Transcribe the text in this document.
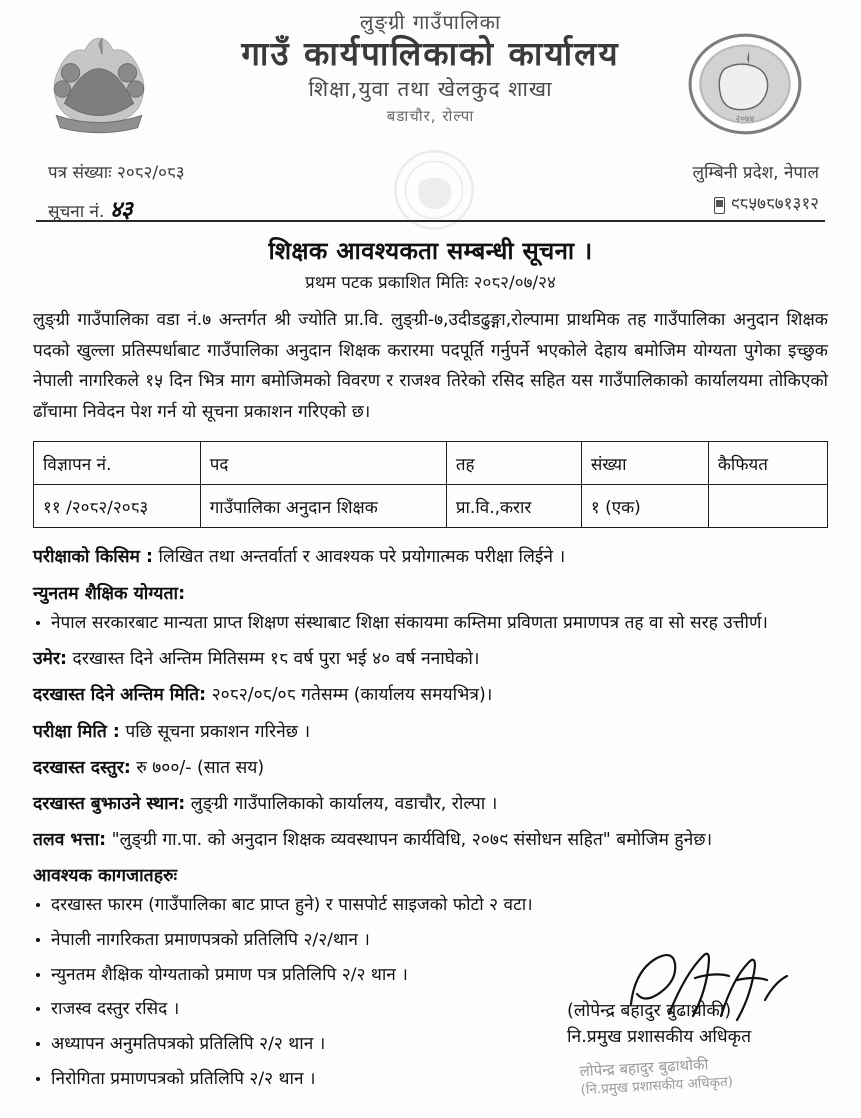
लुङ्ग्री गाउँपालिका
गाउँ कार्यपालिकाको कार्यालय
शिक्षा,युवा तथा खेलकुद शाखा
बडाचौर, रोल्पा	२०७४
पत्र संख्याः २०८२/०८३
सूचना नं. ४३
लुम्बिनी प्रदेश, नेपाल
९८५७८७१३१२
शिक्षक आवश्यकता सम्बन्धी सूचना ।
प्रथम पटक प्रकाशित मितिः २०८२/०७/२४
लुङ्ग्री गाउँपालिका वडा नं.७ अन्तर्गत श्री ज्योति प्रा.वि. लुङ्ग्री-७,उदीडढुङ्गा,रोल्पामा प्राथमिक तह गाउँपालिका अनुदान शिक्षक पदको खुल्ला प्रतिस्पर्धाबाट गाउँपालिका अनुदान शिक्षक करारमा पदपूर्ति गर्नुपर्ने भएकोले देहाय बमोजिम योग्यता पुगेका इच्छुक नेपाली नागरिकले १५ दिन भित्र माग बमोजिमको विवरण र राजश्व तिरेको रसिद सहित यस गाउँपालिकाको कार्यालयमा तोकिएको ढाँचामा निवेदन पेश गर्न यो सूचना प्रकाशन गरिएको छ।
विज्ञापन नं.	पद	तह	संख्या	कैफियत
११ /२०८२/२०८३	गाउँपालिका अनुदान शिक्षक	प्रा.वि.,करार	१ (एक)	
परीक्षाको किसिम : लिखित तथा अन्तर्वार्ता र आवश्यक परे प्रयोगात्मक परीक्षा लिईने ।
न्युनतम शैक्षिक योग्यता:
नेपाल सरकारबाट मान्यता प्राप्त शिक्षण संस्थाबाट शिक्षा संकायमा कम्तिमा प्रविणता प्रमाणपत्र तह वा सो सरह उत्तीर्ण।
उमेर: दरखास्त दिने अन्तिम मितिसम्म १८ वर्ष पुरा भई ४० वर्ष ननाघेको।
दरखास्त दिने अन्तिम मिति: २०८२/०८/०८ गतेसम्म (कार्यालय समयभित्र)।
परीक्षा मिति : पछि सूचना प्रकाशन गरिनेछ ।
दरखास्त दस्तुर: रु ७००/- (सात सय)
दरखास्त बुझाउने स्थान: लुङ्ग्री गाउँपालिकाको कार्यालय, वडाचौर, रोल्पा ।
तलव भत्ता: "लुङ्ग्री गा.पा. को अनुदान शिक्षक व्यवस्थापन कार्यविधि, २०७९ संसोधन सहित" बमोजिम हुनेछ।
आवश्यक कागजातहरुः
दरखास्त फारम (गाउँपालिका बाट प्राप्त हुने) र पासपोर्ट साइजको फोटो २ वटा।
नेपाली नागरिकता प्रमाणपत्रको प्रतिलिपि २/२/थान ।
न्युनतम शैक्षिक योग्यताको प्रमाण पत्र प्रतिलिपि २/२ थान ।
राजस्व दस्तुर रसिद ।
अध्यापन अनुमतिपत्रको प्रतिलिपि २/२ थान ।
निरोगिता प्रमाणपत्रको प्रतिलिपि २/२ थान ।
(लोपेन्द्र बहादुर बुढाथोकी)
नि.प्रमुख प्रशासकीय अधिकृत
लोपेन्द्र बहादुर बुढाथोकी
(नि.प्रमुख प्रशासकीय अधिकृत)
